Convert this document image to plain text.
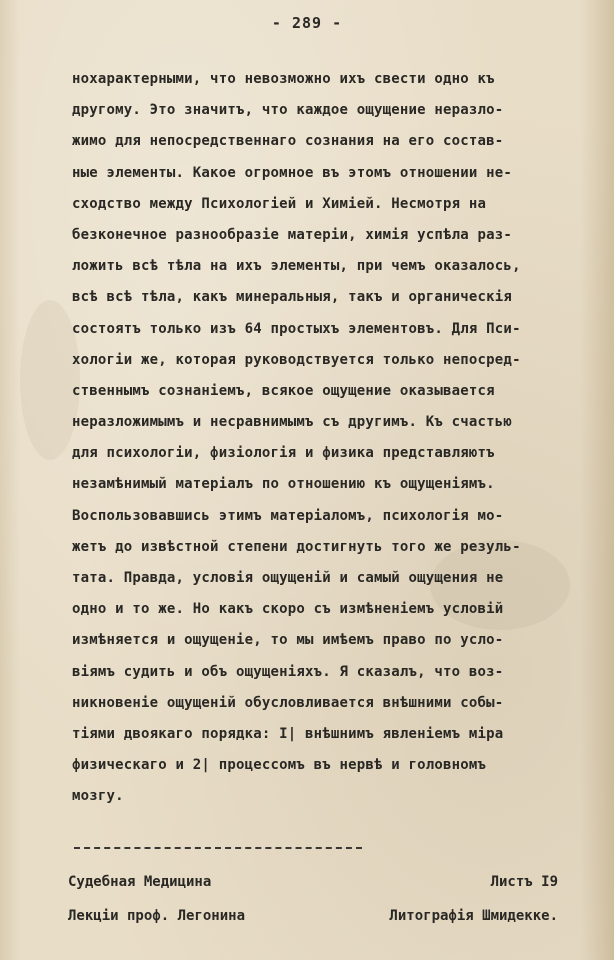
- 289 -
нохарактерными, что невозможно ихъ свести одно къ
другому. Это значитъ, что каждое ощущение неразло-
жимо для непосредственнаго сознания на его состав-
ные элементы. Какое огромное въ этомъ отношении не-
сходство между Психологiей и Химiей. Несмотря на
безконечное разнообразiе матерiи, химiя успѣла раз-
ложить всѣ тѣла на ихъ элементы, при чемъ оказалось,
всѣ всѣ тѣла, какъ минеральныя, такъ и органическiя
состоятъ только изъ 64 простыхъ элементовъ. Для Пси-
хологiи же, которая руководствуется только непосред-
ственнымъ сознанiемъ, всякое ощущение оказывается
неразложимымъ и несравнимымъ съ другимъ. Къ счастью
для психологiи, физiологiя и физика представляютъ
незамѣнимый матерiалъ по отношению къ ощущенiямъ.
Воспользовавшись этимъ матерiаломъ, психологiя мо-
жетъ до извѣстной степени достигнуть того же резуль-
тата. Правда, условiя ощущенiй и самый ощущения не
одно и то же. Но какъ скоро съ измѣненiемъ условiй
измѣняется и ощущенiе, то мы имѣемъ право по усло-
вiямъ судить и объ ощущенiяхъ. Я сказалъ, что воз-
никновенiе ощущенiй обусловливается внѣшними собы-
тiями двоякаго порядка: I| внѣшнимъ явленiемъ мiра
физическаго и 2| процессомъ въ нервѣ и головномъ
мозгу.
Судебная Медицина	Листъ I9
Лекцiи проф. Легонина	Литографiя Шмидекке.
